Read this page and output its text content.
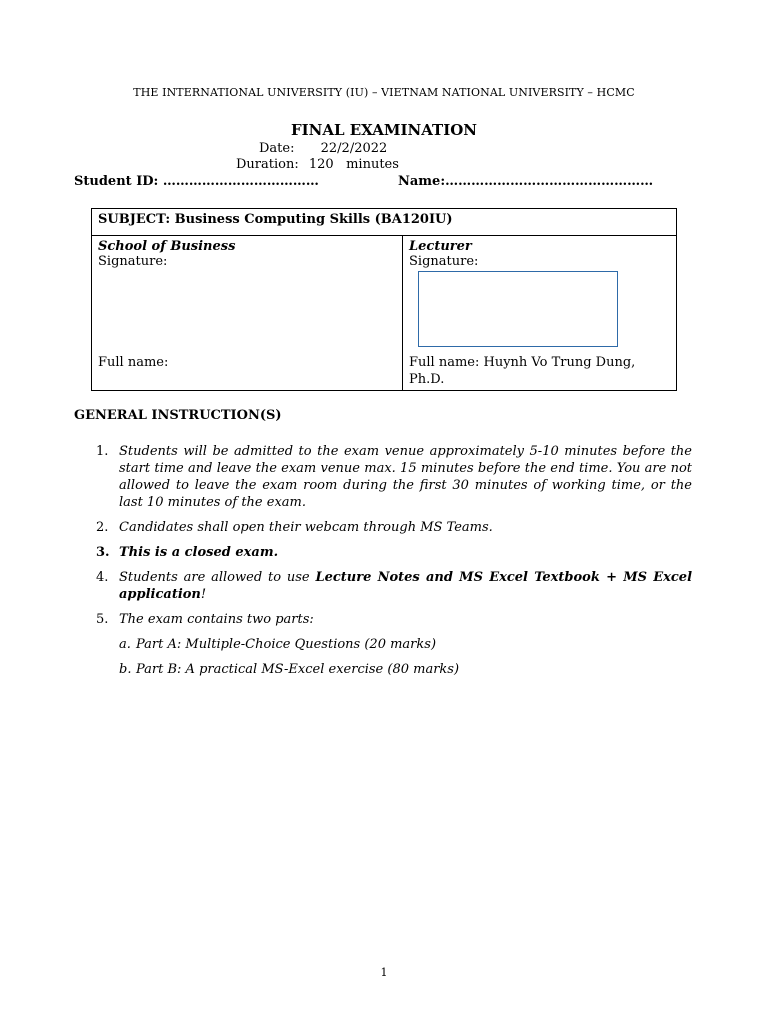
THE INTERNATIONAL UNIVERSITY (IU) – VIETNAM NATIONAL UNIVERSITY – HCMC
FINAL EXAMINATION
Date: 22/2/2022
Duration: 120   minutes
Student ID: ………………………………	Name:…………………………………………
SUBJECT: Business Computing Skills (BA120IU)

School of Business
Signature:
Full name:

Lecturer
Signature:
Full name: Huynh Vo Trung Dung, Ph.D.
GENERAL INSTRUCTION(S)
1. Students will be admitted to the exam venue approximately 5-10 minutes before the start time and leave the exam venue max. 15 minutes before the end time. You are not allowed to leave the exam room during the first 30 minutes of working time, or the last 10 minutes of the exam.
2. Candidates shall open their webcam through MS Teams.
3. This is a closed exam.
4. Students are allowed to use Lecture Notes and MS Excel Textbook + MS Excel application!
5. The exam contains two parts:
a. Part A: Multiple-Choice Questions (20 marks)
b. Part B: A practical MS-Excel exercise (80 marks)
1
